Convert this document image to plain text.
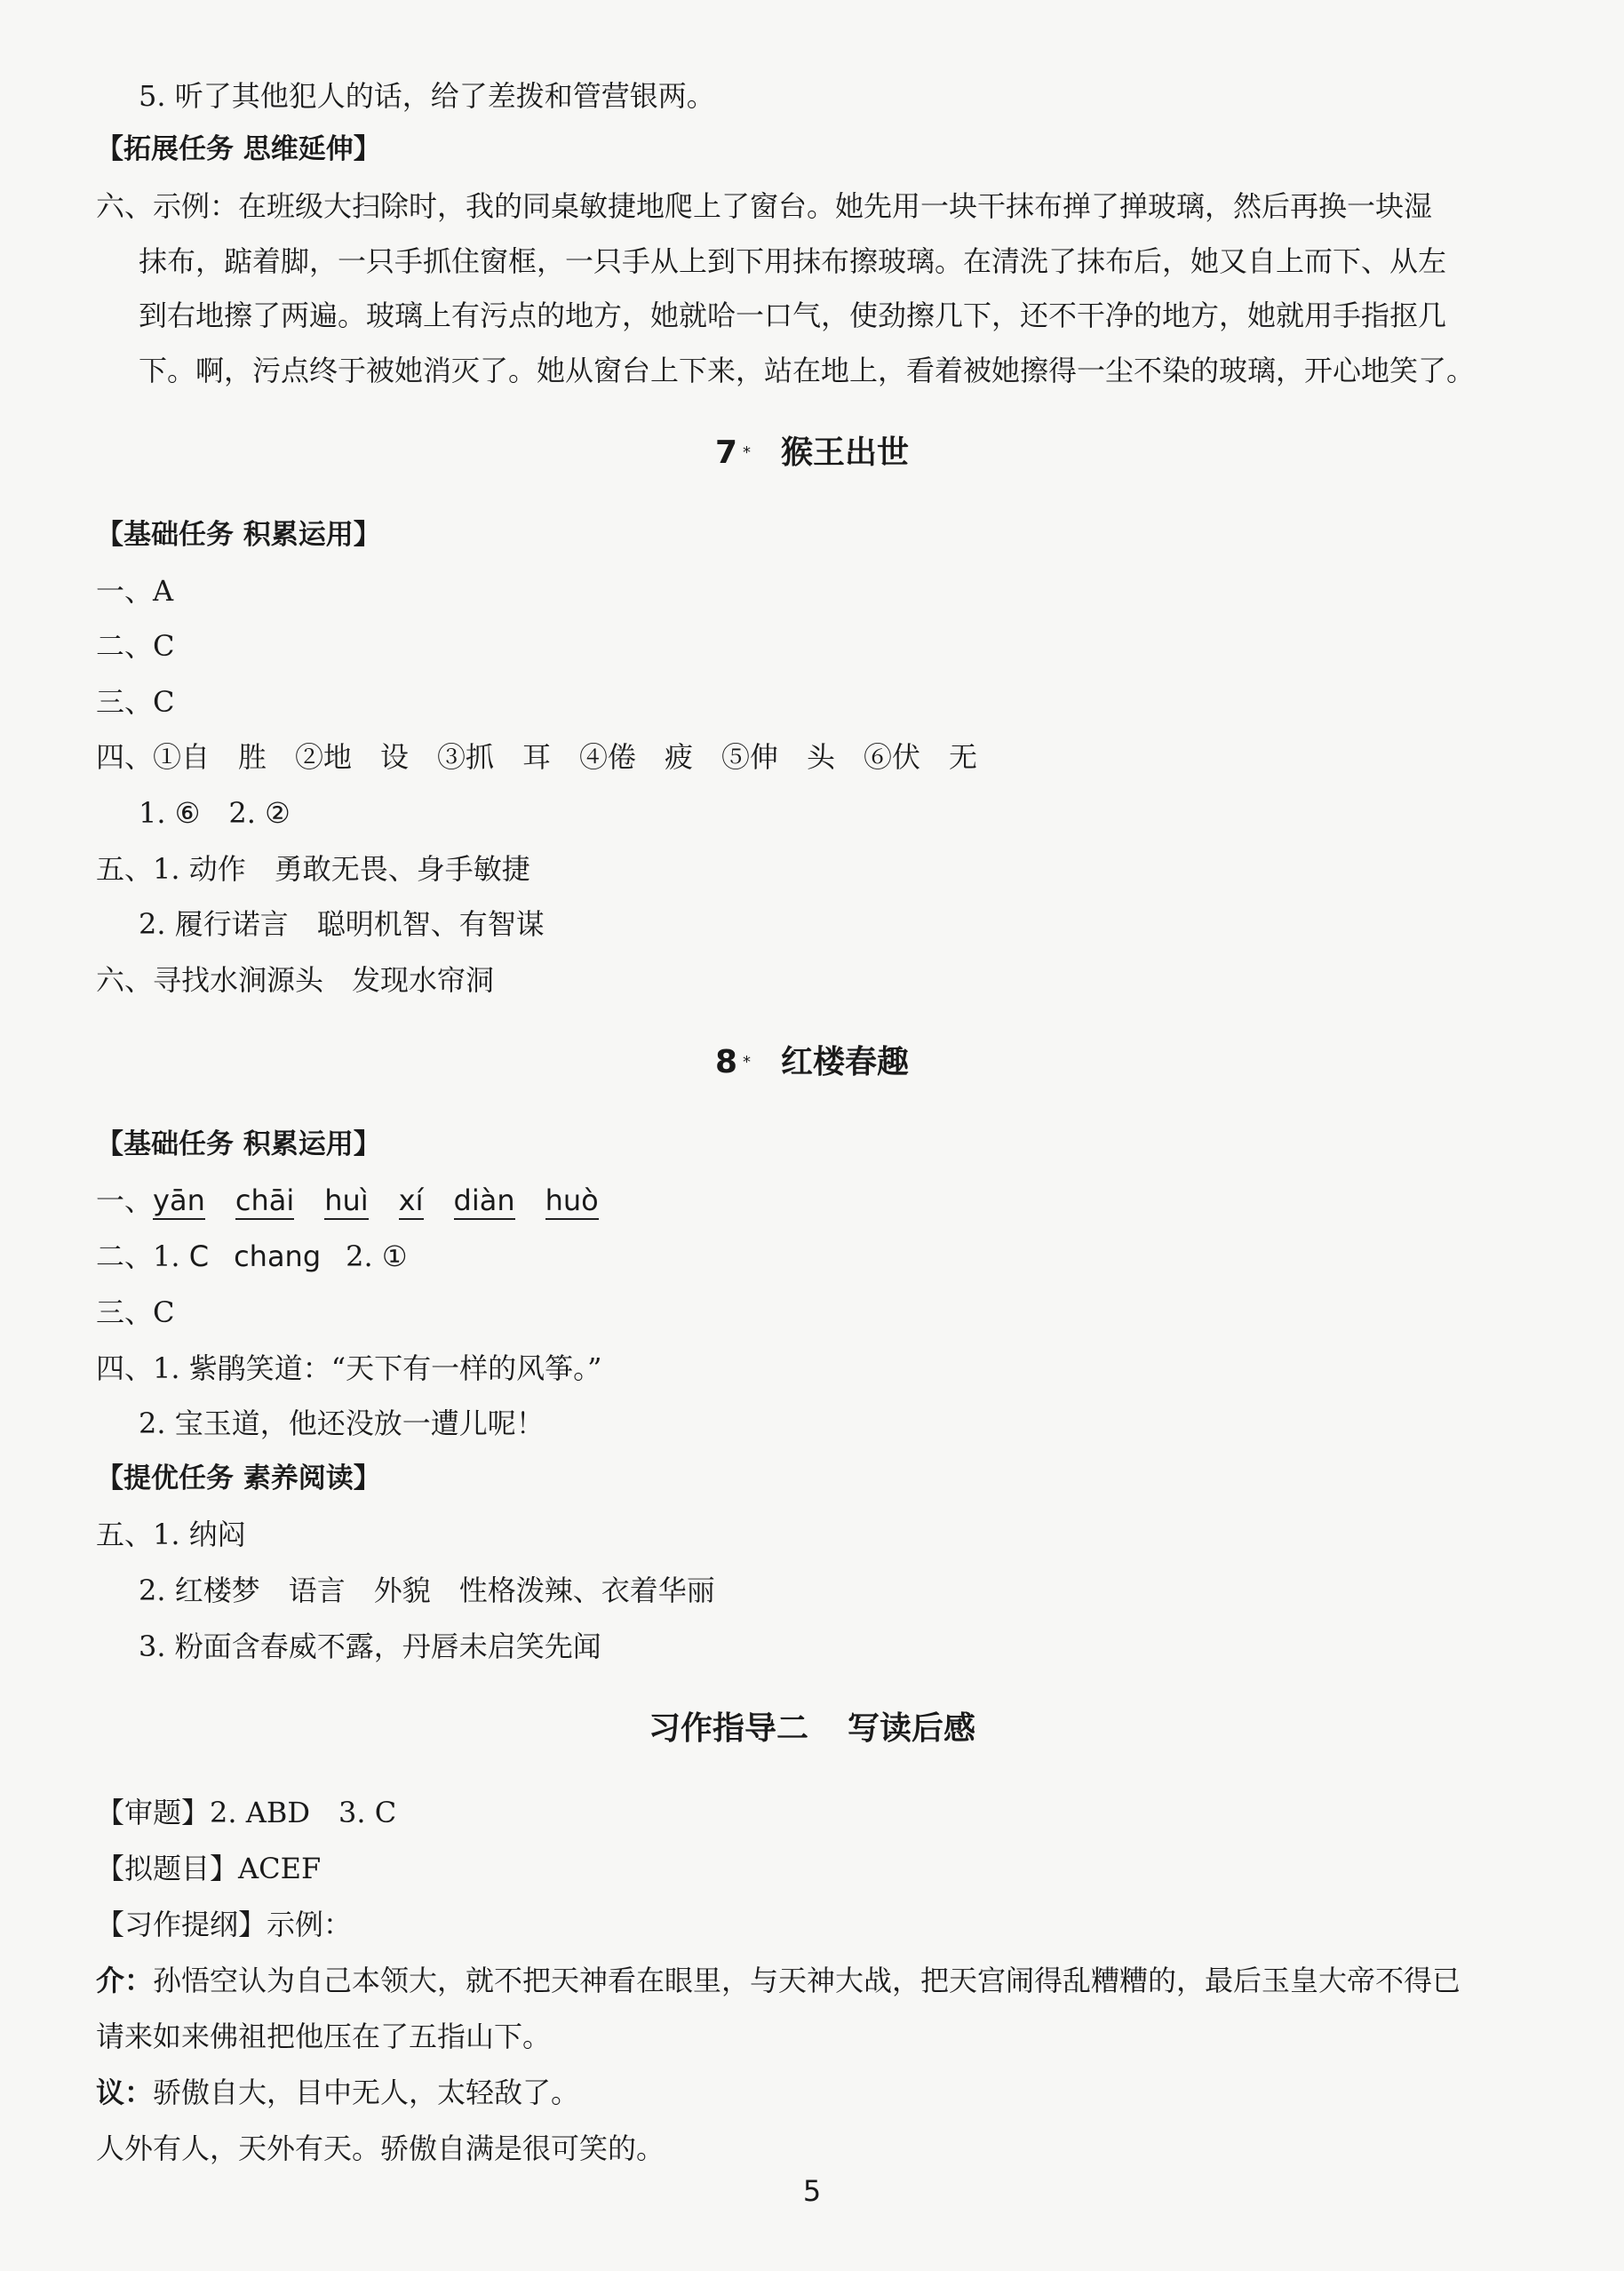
5. 听了其他犯人的话，给了差拨和管营银两。
【拓展任务 思维延伸】
六、示例：在班级大扫除时，我的同桌敏捷地爬上了窗台。她先用一块干抹布掸了掸玻璃，然后再换一块湿
抹布，踮着脚，一只手抓住窗框，一只手从上到下用抹布擦玻璃。在清洗了抹布后，她又自上而下、从左
到右地擦了两遍。玻璃上有污点的地方，她就哈一口气，使劲擦几下，还不干净的地方，她就用手指抠几
下。啊，污点终于被她消灭了。她从窗台上下来，站在地上，看着被她擦得一尘不染的玻璃，开心地笑了。
7 * 猴王出世
【基础任务 积累运用】
一、A
二、C
三、C
四、①自　胜　②地　设　③抓　耳　④倦　疲　⑤伸　头　⑥伏　无
1. ⑥　2. ②
五、1. 动作　勇敢无畏、身手敏捷
2. 履行诺言　聪明机智、有智谋
六、寻找水涧源头　发现水帘洞
8 * 红楼春趣
【基础任务 积累运用】
一、yān chāi huì xí diàn huò
二、1. C chang 2. ①
三、C
四、1. 紫鹃笑道：“天下有一样的风筝。”
2. 宝玉道，他还没放一遭儿呢！
【提优任务 素养阅读】
五、1. 纳闷
2. 红楼梦　语言　外貌　性格泼辣、衣着华丽
3. 粉面含春威不露，丹唇未启笑先闻
习作指导二 写读后感
【审题】2. ABD　3. C
【拟题目】ACEF
【习作提纲】示例：
介：孙悟空认为自己本领大，就不把天神看在眼里，与天神大战，把天宫闹得乱糟糟的，最后玉皇大帝不得已
请来如来佛祖把他压在了五指山下。
议：骄傲自大，目中无人，太轻敌了。
人外有人，天外有天。骄傲自满是很可笑的。
5
